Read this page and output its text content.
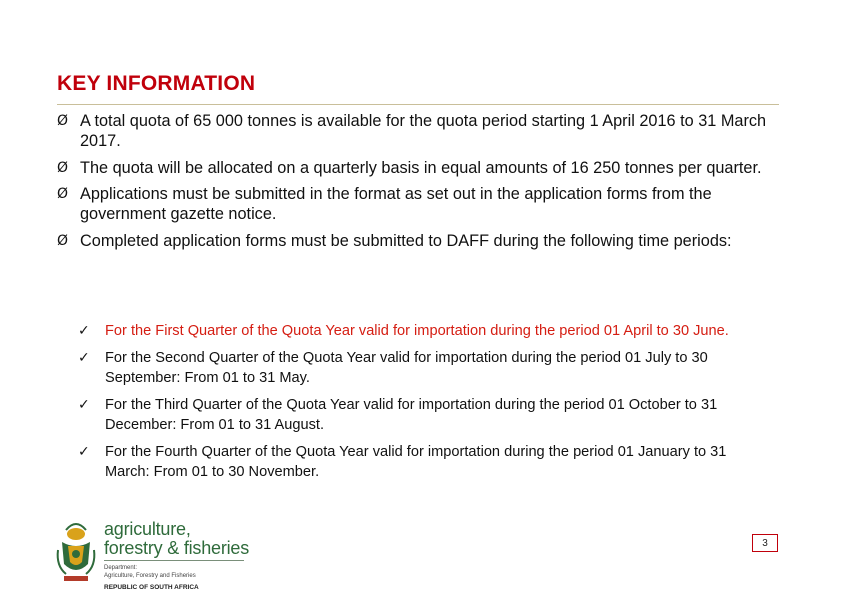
KEY INFORMATION
Ø A total quota of 65 000 tonnes is available for the quota period starting 1 April 2016 to 31 March 2017.
Ø The quota will be allocated on a quarterly basis in equal amounts of 16 250 tonnes per quarter.
Ø Applications must be submitted in the format as set out in the application forms from the government gazette notice.
Ø Completed application forms must be submitted to DAFF during the following time periods:
✓ For the First Quarter of the Quota Year valid for importation during the period 01 April to 30 June.
✓ For the Second Quarter of the Quota Year valid for importation during the period 01 July to 30 September: From 01 to 31 May.
✓ For the Third Quarter of the Quota Year valid for importation during the period 01 October to 31 December: From 01 to 31 August.
✓ For the Fourth Quarter of the Quota Year valid for importation during the period 01 January to 31 March: From 01 to 30 November.
agriculture,
forestry & fisheries
Department:
Agriculture, Forestry and Fisheries
REPUBLIC OF SOUTH AFRICA
3
